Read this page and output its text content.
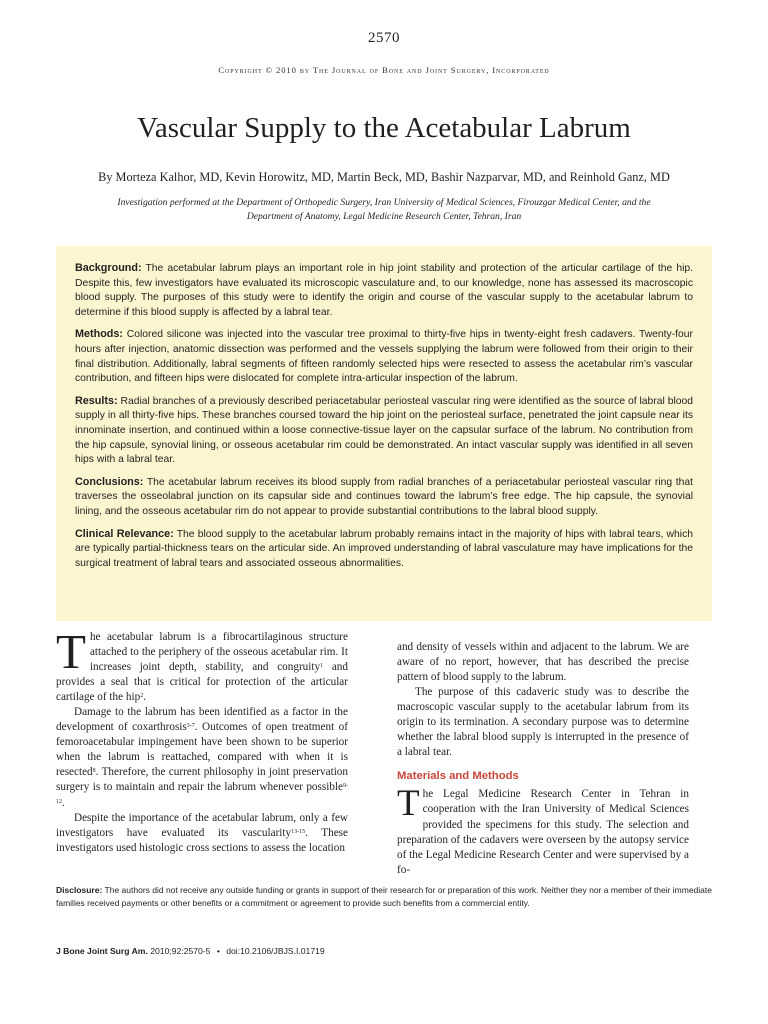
2570
Copyright © 2010 by The Journal of Bone and Joint Surgery, Incorporated
Vascular Supply to the Acetabular Labrum
By Morteza Kalhor, MD, Kevin Horowitz, MD, Martin Beck, MD, Bashir Nazparvar, MD, and Reinhold Ganz, MD
Investigation performed at the Department of Orthopedic Surgery, Iran University of Medical Sciences, Firouzgar Medical Center, and the Department of Anatomy, Legal Medicine Research Center, Tehran, Iran

Background: The acetabular labrum plays an important role in hip joint stability and protection of the articular cartilage of the hip. Despite this, few investigators have evaluated its microscopic vasculature and, to our knowledge, none has assessed its macroscopic blood supply. The purposes of this study were to identify the origin and course of the vascular supply to the acetabular labrum to determine if this blood supply is affected by a labral tear.

Methods: Colored silicone was injected into the vascular tree proximal to thirty-five hips in twenty-eight fresh cadavers. Twenty-four hours after injection, anatomic dissection was performed and the vessels supplying the labrum were followed from their origin to their final distribution. Additionally, labral segments of fifteen randomly selected hips were resected to assess the acetabular rim’s vascular contribution, and fifteen hips were dislocated for complete intra-articular inspection of the labrum.

Results: Radial branches of a previously described periacetabular periosteal vascular ring were identified as the source of labral blood supply in all thirty-five hips. These branches coursed toward the hip joint on the periosteal surface, penetrated the joint capsule near its innominate insertion, and continued within a loose connective-tissue layer on the capsular surface of the labrum. No contribution from the hip capsule, synovial lining, or osseous acetabular rim could be demonstrated. An intact vascular supply was identified in all seven hips with a labral tear.

Conclusions: The acetabular labrum receives its blood supply from radial branches of a periacetabular periosteal vascular ring that traverses the osseolabral junction on its capsular side and continues toward the labrum’s free edge. The hip capsule, the synovial lining, and the osseous acetabular rim do not appear to provide substantial contributions to the labral blood supply.

Clinical Relevance: The blood supply to the acetabular labrum probably remains intact in the majority of hips with labral tears, which are typically partial-thickness tears on the articular side. An improved understanding of labral vasculature may have implications for the surgical treatment of labral tears and associated osseous abnormalities.

The acetabular labrum is a fibrocartilaginous structure attached to the periphery of the osseous acetabular rim. It increases joint depth, stability, and congruity$^1$ and provides a seal that is critical for protection of the articular cartilage of the hip$^2$.

Damage to the labrum has been identified as a factor in the development of coxarthrosis$^{3-7}$. Outcomes of open treatment of femoroacetabular impingement have been shown to be superior when the labrum is reattached, compared with when it is resected$^8$. Therefore, the current philosophy in joint preservation surgery is to maintain and repair the labrum whenever possible$^{9-12}$.

Despite the importance of the acetabular labrum, only a few investigators have evaluated its vascularity$^{13-15}$. These investigators used histologic cross sections to assess the location

and density of vessels within and adjacent to the labrum. We are aware of no report, however, that has described the precise pattern of blood supply to the labrum.

The purpose of this cadaveric study was to describe the macroscopic vascular supply to the acetabular labrum from its origin to its termination. A secondary purpose was to determine whether the labral blood supply is interrupted in the presence of a labral tear.

Materials and Methods

The Legal Medicine Research Center in Tehran in cooperation with the Iran University of Medical Sciences provided the specimens for this study. The selection and preparation of the cadavers were overseen by the autopsy service of the Legal Medicine Research Center and were supervised by a fo-

Disclosure: The authors did not receive any outside funding or grants in support of their research for or preparation of this work. Neither they nor a member of their immediate families received payments or other benefits or a commitment or agreement to provide such benefits from a commercial entity.
J Bone Joint Surg Am. 2010;92:2570-5 • doi:10.2106/JBJS.I.01719
